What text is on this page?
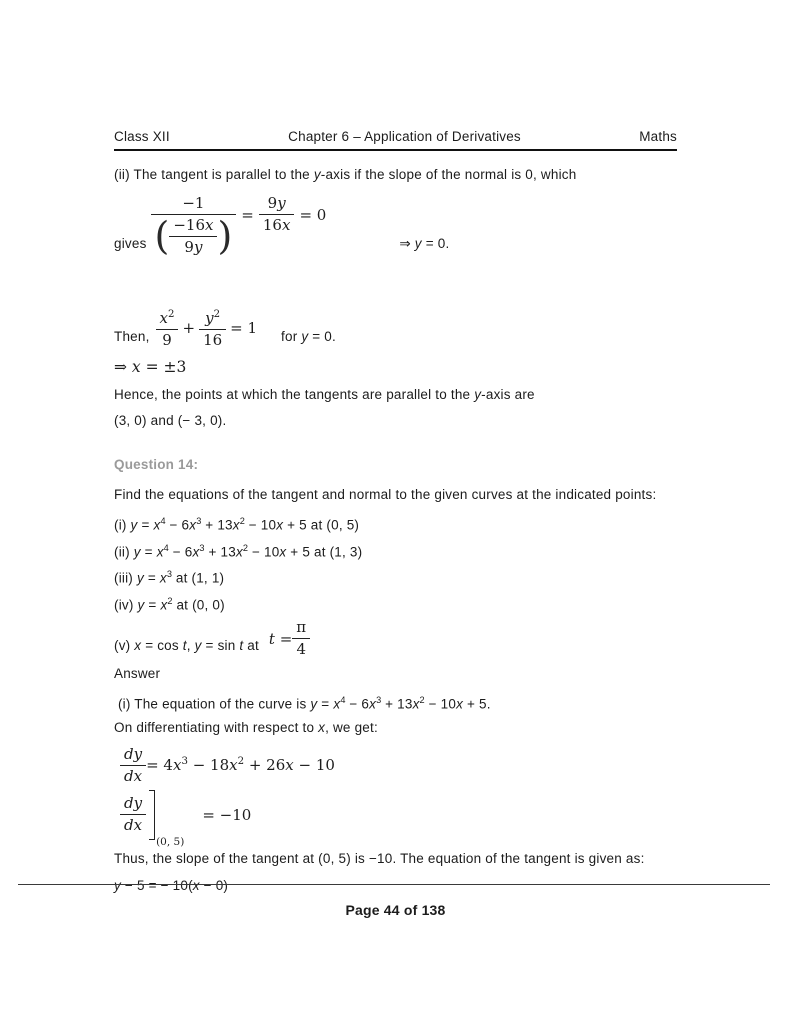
Class XII	Chapter 6 – Application of Derivatives	Maths
(ii) The tangent is parallel to the y-axis if the slope of the normal is 0, which
gives
−1
( $\frac{-16x}{9y}$ ) = $\frac{9y}{16x} = 0$
⇒ y = 0.
Then, $\frac{x^2}{9} + \frac{y^2}{16} = 1$ for y = 0.
⇒ x = ±3
Hence, the points at which the tangents are parallel to the y-axis are
(3, 0) and (− 3, 0).
Question 14:
Find the equations of the tangent and normal to the given curves at the indicated points:
(i) $y = x^4 - 6x^3 + 13x^2 - 10x + 5$ at (0, 5)
(ii) $y = x^4 - 6x^3 + 13x^2 - 10x + 5$ at (1, 3)
(iii) $y = x^3$ at (1, 1)
(iv) $y = x^2$ at (0, 0)
(v) x = cos t, y = sin t at $t = \frac{\pi}{4}$
Answer
(i) The equation of the curve is $y = x^4 - 6x^3 + 13x^2 - 10x + 5$.
On differentiating with respect to x, we get:
$\frac{dy}{dx} = 4x^3 - 18x^2 + 26x - 10$
$\frac{dy}{dx}$
(0, 5)
= −10
Thus, the slope of the tangent at (0, 5) is −10. The equation of the tangent is given as:
y − 5 = − 10(x − 0)
Page 44 of 138
